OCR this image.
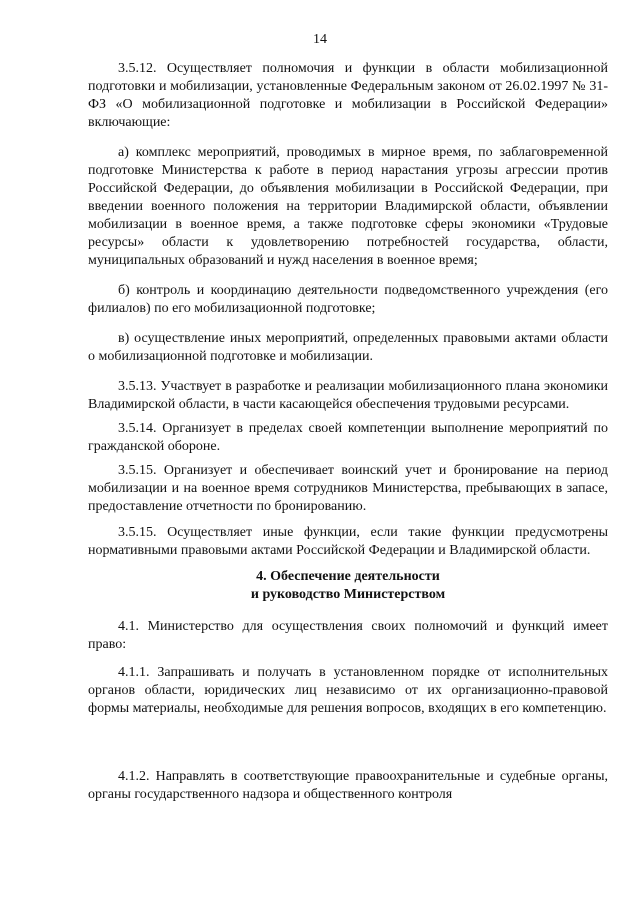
14

3.5.12. Осуществляет полномочия и функции в области мобилизационной подготовки и мобилизации, установленные Федеральным законом от 26.02.1997 № 31-ФЗ «О мобилизационной подготовке и мобилизации в Российской Федерации» включающие:

а) комплекс мероприятий, проводимых в мирное время, по заблаговременной подготовке Министерства к работе в период нарастания угрозы агрессии против Российской Федерации, до объявления мобилизации в Российской Федерации, при введении военного положения на территории Владимирской области, объявлении мобилизации в военное время, а также подготовке сферы экономики «Трудовые ресурсы» области к удовлетворению потребностей государства, области, муниципальных образований и нужд населения в военное время;

б) контроль и координацию деятельности подведомственного учреждения (его филиалов) по его мобилизационной подготовке;

в) осуществление иных мероприятий, определенных правовыми актами области о мобилизационной подготовке и мобилизации.

3.5.13. Участвует в разработке и реализации мобилизационного плана экономики Владимирской области, в части касающейся обеспечения трудовыми ресурсами.

3.5.14. Организует в пределах своей компетенции выполнение мероприятий по гражданской обороне.

3.5.15. Организует и обеспечивает воинский учет и бронирование на период мобилизации и на военное время сотрудников Министерства, пребывающих в запасе, предоставление отчетности по бронированию.

3.5.15. Осуществляет иные функции, если такие функции предусмотрены нормативными правовыми актами Российской Федерации и Владимирской области.

4. Обеспечение деятельности

и руководство Министерством

4.1. Министерство для осуществления своих полномочий и функций имеет право:

4.1.1. Запрашивать и получать в установленном порядке от исполнительных органов области, юридических лиц независимо от их организационно-правовой формы материалы, необходимые для решения вопросов, входящих в его компетенцию.

4.1.2. Направлять в соответствующие правоохранительные и судебные органы, органы государственного надзора и общественного контроля
